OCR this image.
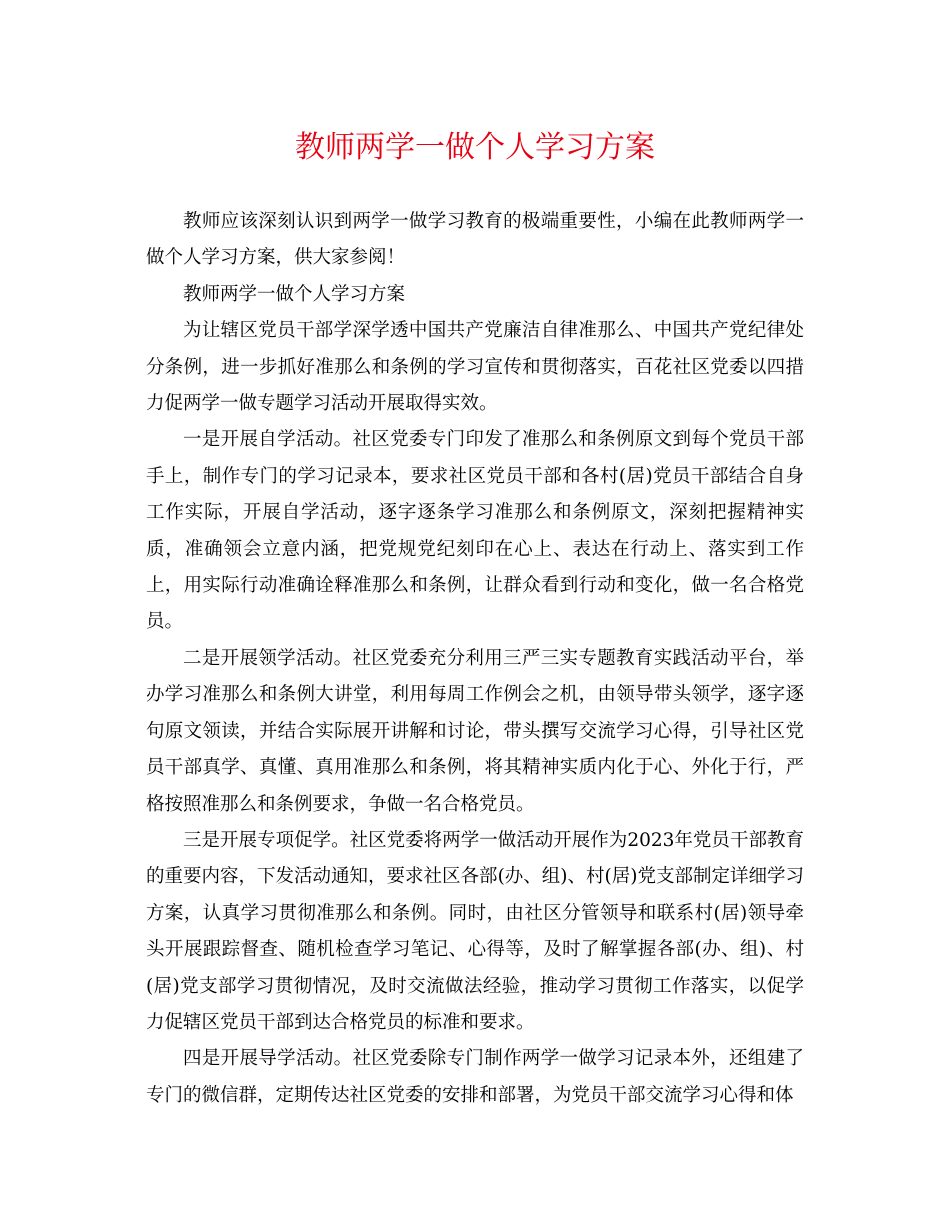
教师两学一做个人学习方案

教师应该深刻认识到两学一做学习教育的极端重要性，小编在此教师两学一做个人学习方案，供大家参阅！

教师两学一做个人学习方案

为让辖区党员干部学深学透中国共产党廉洁自律准那么、中国共产党纪律处分条例，进一步抓好准那么和条例的学习宣传和贯彻落实，百花社区党委以四措力促两学一做专题学习活动开展取得实效。

一是开展自学活动。社区党委专门印发了准那么和条例原文到每个党员干部手上，制作专门的学习记录本，要求社区党员干部和各村(居)党员干部结合自身工作实际，开展自学活动，逐字逐条学习准那么和条例原文，深刻把握精神实质，准确领会立意内涵，把党规党纪刻印在心上、表达在行动上、落实到工作上，用实际行动准确诠释准那么和条例，让群众看到行动和变化，做一名合格党员。

二是开展领学活动。社区党委充分利用三严三实专题教育实践活动平台，举办学习准那么和条例大讲堂，利用每周工作例会之机，由领导带头领学，逐字逐句原文领读，并结合实际展开讲解和讨论，带头撰写交流学习心得，引导社区党员干部真学、真懂、真用准那么和条例，将其精神实质内化于心、外化于行，严格按照准那么和条例要求，争做一名合格党员。

三是开展专项促学。社区党委将两学一做活动开展作为2023年党员干部教育的重要内容，下发活动通知，要求社区各部(办、组)、村(居)党支部制定详细学习方案，认真学习贯彻准那么和条例。同时，由社区分管领导和联系村(居)领导牵头开展跟踪督查、随机检查学习笔记、心得等，及时了解掌握各部(办、组)、村(居)党支部学习贯彻情况，及时交流做法经验，推动学习贯彻工作落实，以促学力促辖区党员干部到达合格党员的标准和要求。

四是开展导学活动。社区党委除专门制作两学一做学习记录本外，还组建了专门的微信群，定期传达社区党委的安排和部署，为党员干部交流学习心得和体
